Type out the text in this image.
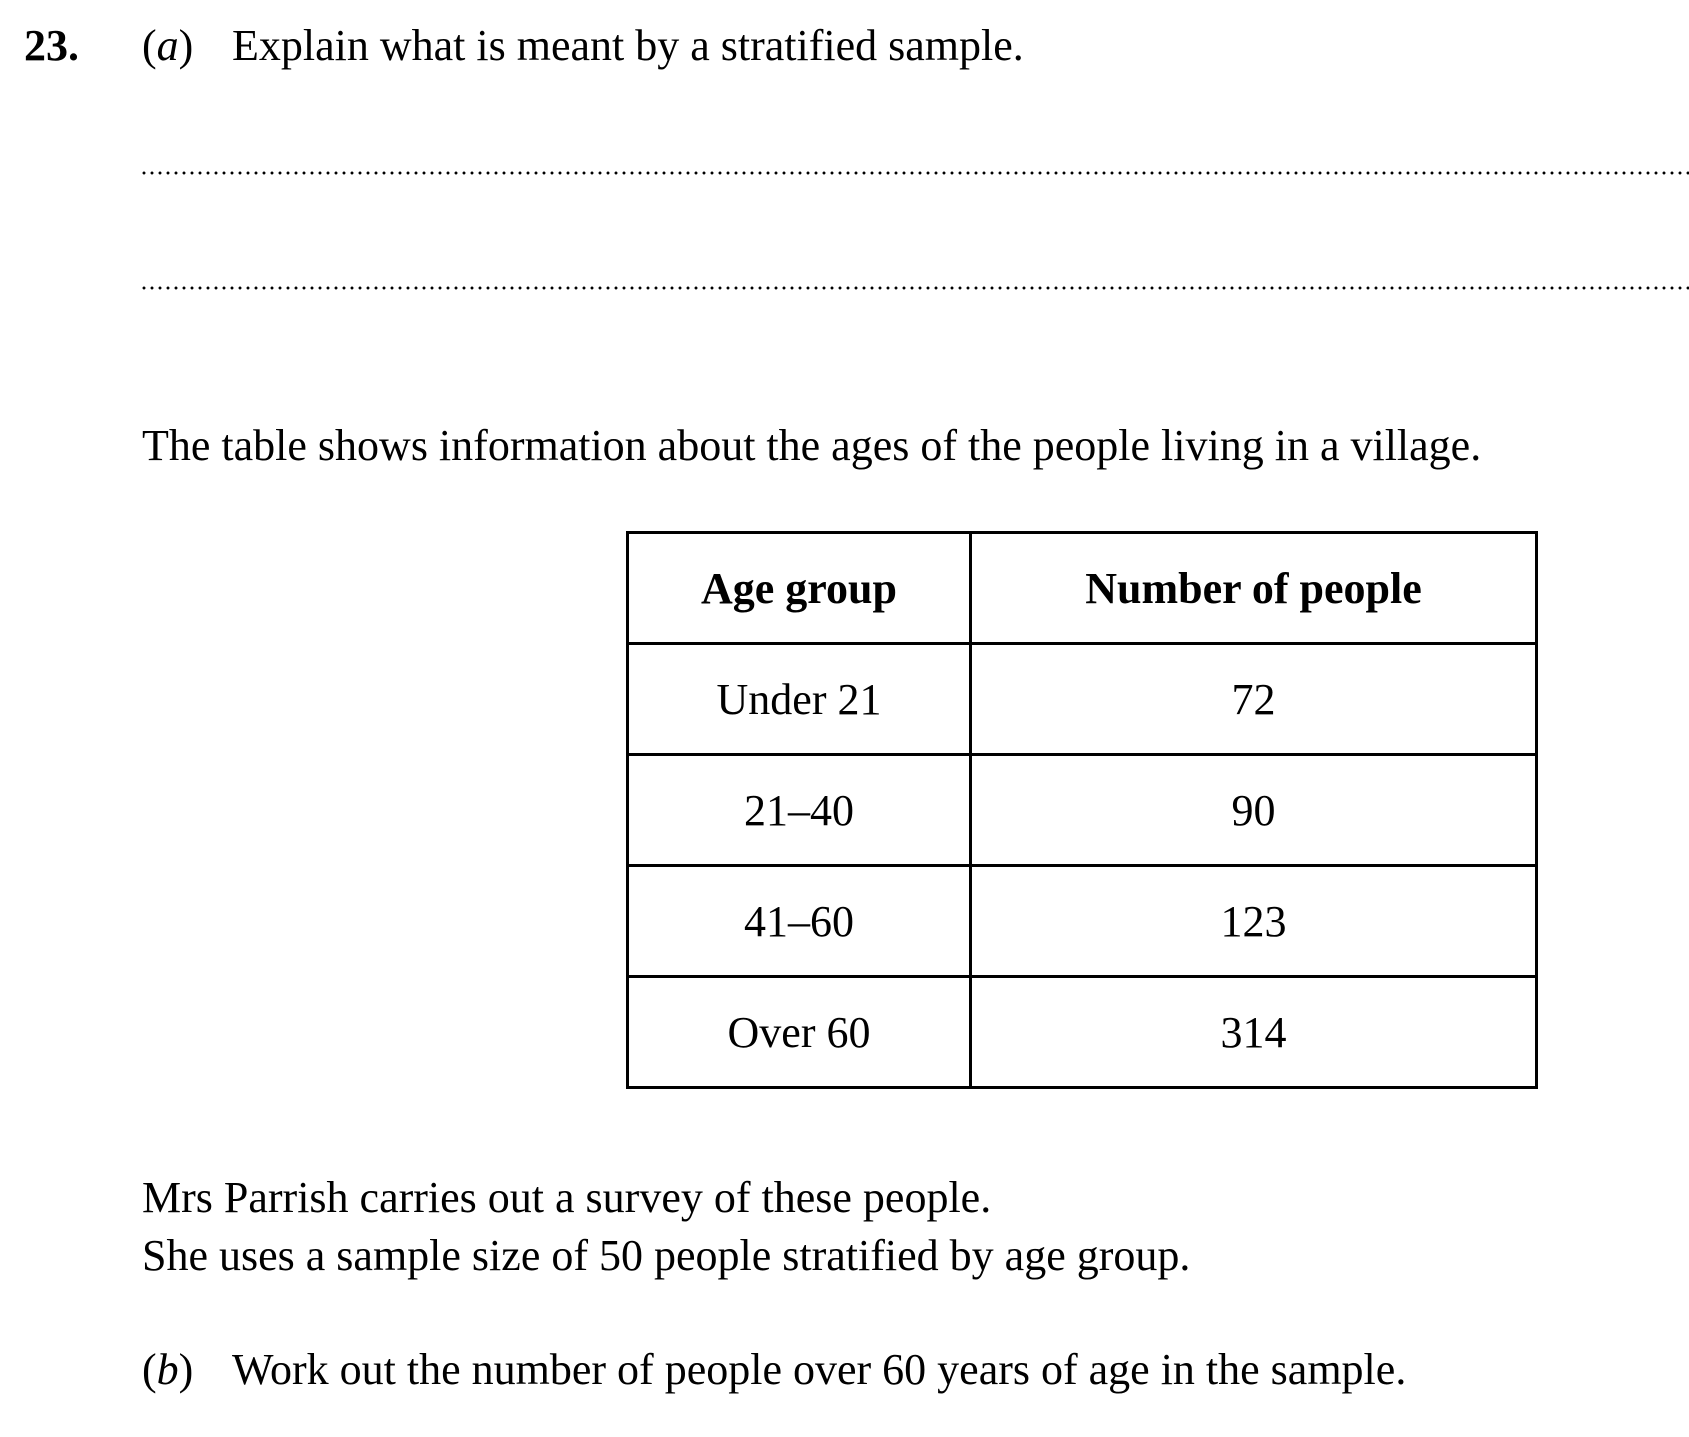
23. (a) Explain what is meant by a stratified sample.
The table shows information about the ages of the people living in a village.
Age group	Number of people
Under 21	72
21–40	90
41–60	123
Over 60	314
Mrs Parrish carries out a survey of these people.
She uses a sample size of 50 people stratified by age group.
(b) Work out the number of people over 60 years of age in the sample.
